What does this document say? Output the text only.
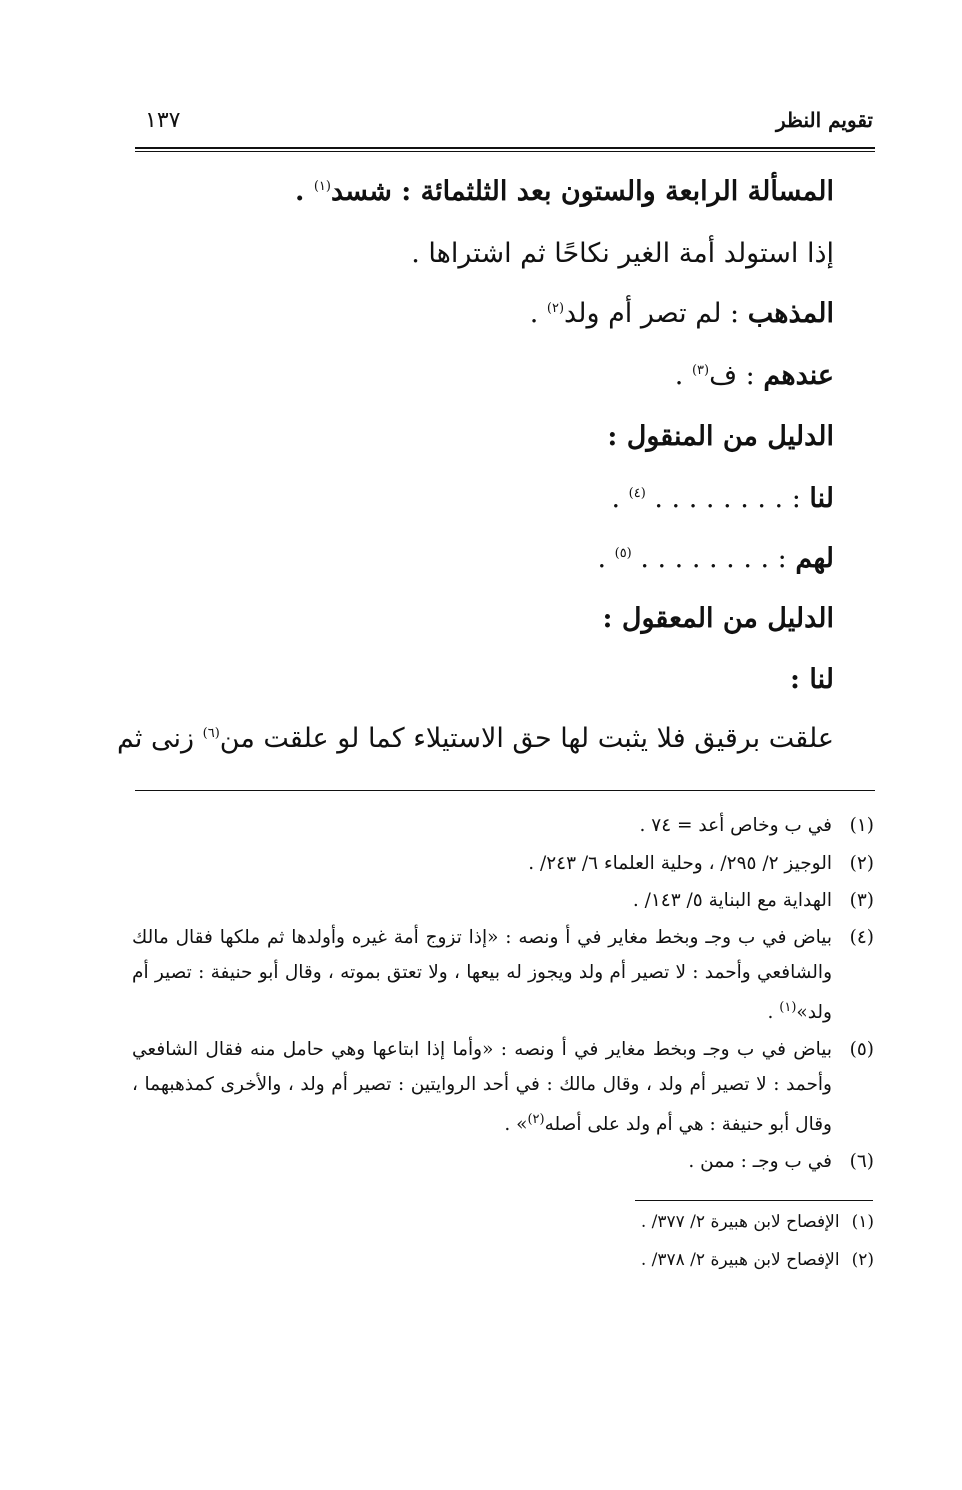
تقويم النظر
١٣٧
المسألة الرابعة والستون بعد الثلثمائة : شسد$^{(١)}$ .
إذا استولد أمة الغير نكاحًا ثم اشتراها .
المذهب : لم تصر أم ولد$^{(٢)}$ .
عندهم : ف$^{(٣)}$ .
الدليل من المنقول :
لنا : . . . . . . . . $^{(٤)}$ .
لهم : . . . . . . . . $^{(٥)}$ .
الدليل من المعقول :
لنا :
علقت برقيق فلا يثبت لها حق الاستيلاء كما لو علقت من$^{(٦)}$ زنى ثم
(١)
في ب وخاص أعد = ٧٤ .
(٢)
الوجيز ٢/ ٢٩٥/ ، وحلية العلماء ٦/ ٢٤٣/ .
(٣)
الهداية مع البناية ٥/ ١٤٣/ .
(٤)
بياض في ب وجـ وبخط مغاير في أ ونصه : «إذا تزوج أمة غيره وأولدها ثم ملكها فقال مالك والشافعي وأحمد : لا تصير أم ولد ويجوز له بيعها ، ولا تعتق بموته ، وقال أبو حنيفة : تصير أم ولد»$^{(١)}$ .
(٥)
بياض في ب وجـ وبخط مغاير في أ ونصه : «وأما إذا ابتاعها وهي حامل منه فقال الشافعي وأحمد : لا تصير أم ولد ، وقال مالك : في أحد الروايتين : تصير أم ولد ، والأخرى كمذهبهما ، وقال أبو حنيفة : هي أم ولد على أصله$^{(٢)}$» .
(٦)
في ب وجـ : ممن .
(١)الإفصاح لابن هبيرة ٢/ ٣٧٧/ .
(٢)الإفصاح لابن هبيرة ٢/ ٣٧٨/ .
